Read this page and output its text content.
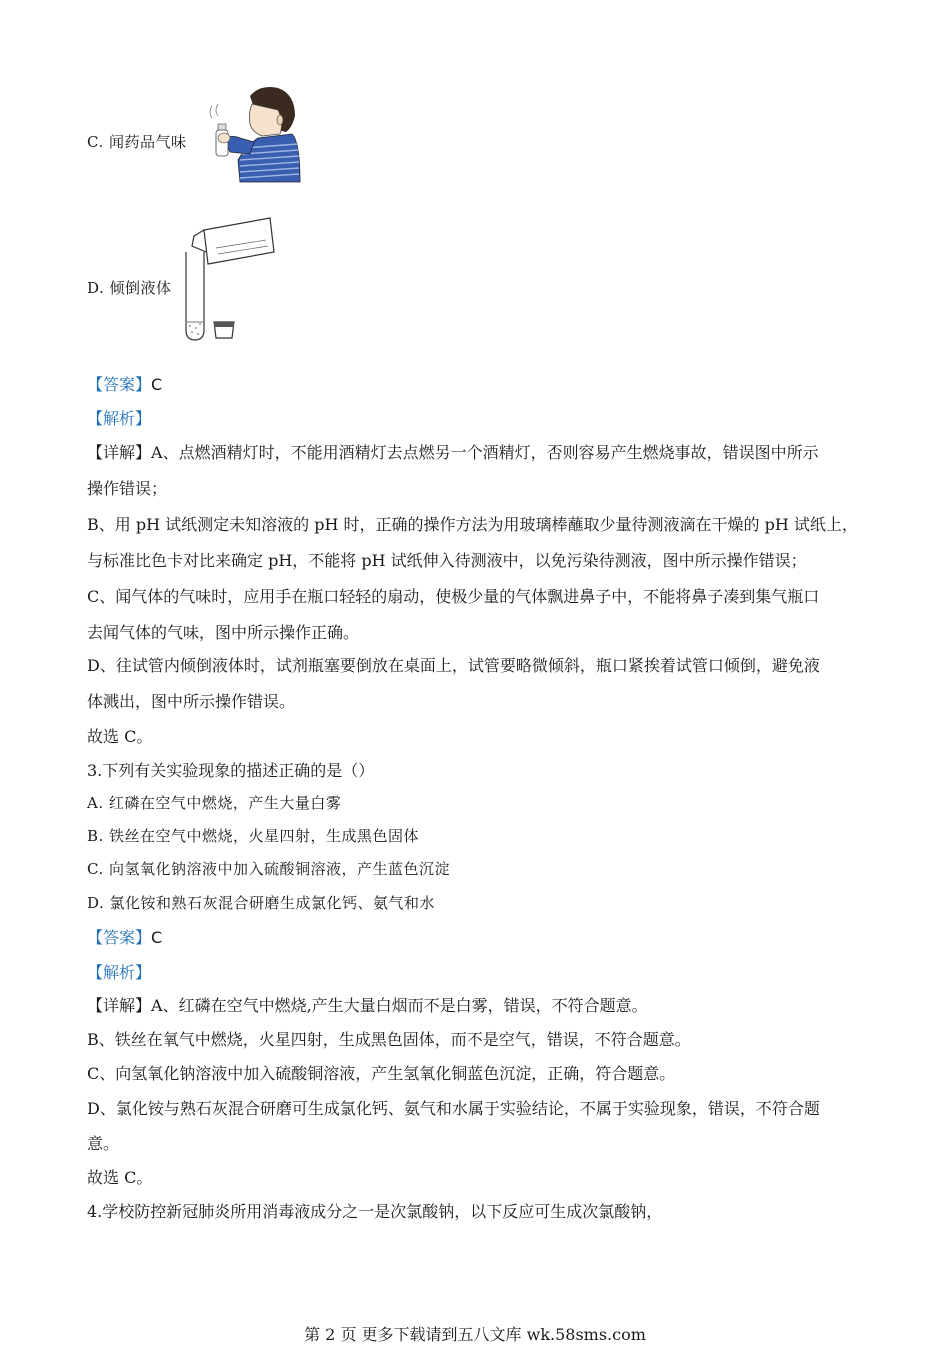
C. 闻药品气味
D. 倾倒液体
【答案】C
【解析】
【详解】A、点燃酒精灯时，不能用酒精灯去点燃另一个酒精灯，否则容易产生燃烧事故，错误图中所示
操作错误；
B、用 pH 试纸测定未知溶液的 pH 时，正确的操作方法为用玻璃棒蘸取少量待测液滴在干燥的 pH 试纸上，
与标准比色卡对比来确定 pH，不能将 pH 试纸伸入待测液中，以免污染待测液，图中所示操作错误；
C、闻气体的气味时，应用手在瓶口轻轻的扇动，使极少量的气体飘进鼻子中，不能将鼻子凑到集气瓶口
去闻气体的气味，图中所示操作正确。
D、往试管内倾倒液体时，试剂瓶塞要倒放在桌面上，试管要略微倾斜，瓶口紧挨着试管口倾倒，避免液
体溅出，图中所示操作错误。
故选 C。
3.下列有关实验现象的描述正确的是（）
A. 红磷在空气中燃烧，产生大量白雾
B. 铁丝在空气中燃烧，火星四射，生成黑色固体
C. 向氢氧化钠溶液中加入硫酸铜溶液，产生蓝色沉淀
D. 氯化铵和熟石灰混合研磨生成氯化钙、氨气和水
【答案】C
【解析】
【详解】A、红磷在空气中燃烧,产生大量白烟而不是白雾，错误，不符合题意。
B、铁丝在氧气中燃烧，火星四射，生成黑色固体，而不是空气，错误，不符合题意。
C、向氢氧化钠溶液中加入硫酸铜溶液，产生氢氧化铜蓝色沉淀，正确，符合题意。
D、氯化铵与熟石灰混合研磨可生成氯化钙、氨气和水属于实验结论，不属于实验现象，错误，不符合题
意。
故选 C。
4.学校防控新冠肺炎所用消毒液成分之一是次氯酸钠，以下反应可生成次氯酸钠，
第 2 页 更多下载请到五八文库 wk.58sms.com
